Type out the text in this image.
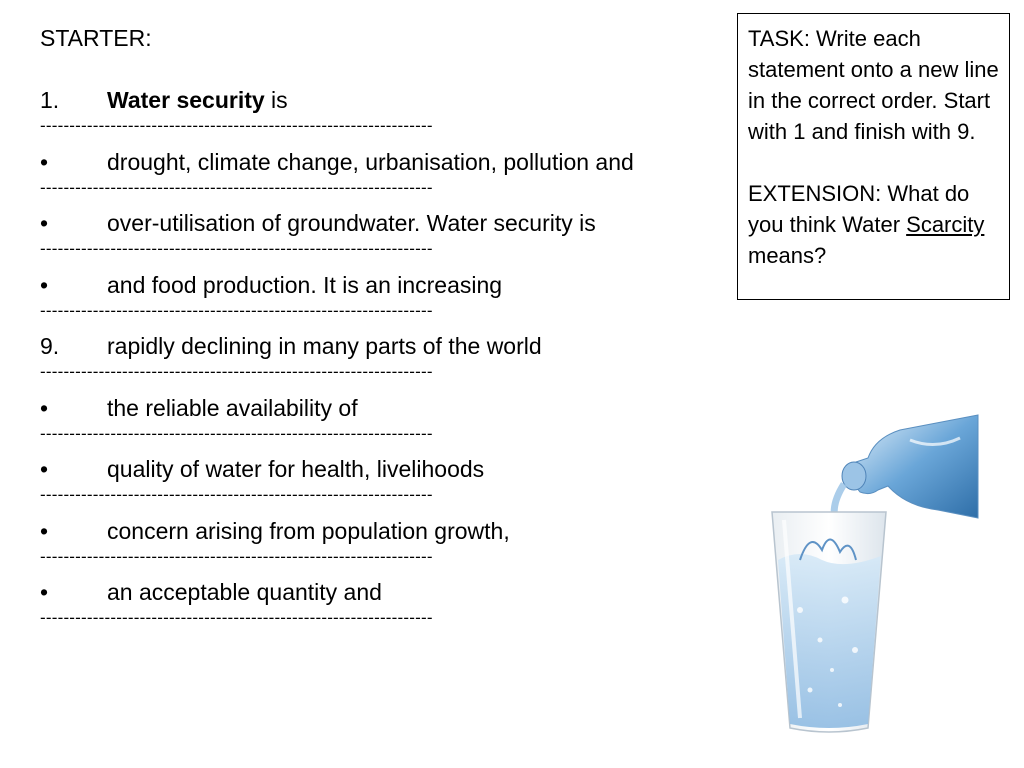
STARTER:
1.	Water security is
-------------------------------------------------------------------
•	drought, climate change, urbanisation, pollution and
-------------------------------------------------------------------
•	over-utilisation of groundwater. Water security is
-------------------------------------------------------------------
•	and food production. It is an increasing
-------------------------------------------------------------------
9.	rapidly declining in many parts of the world
-------------------------------------------------------------------
•	the reliable availability of
-------------------------------------------------------------------
•	quality of water for health, livelihoods
-------------------------------------------------------------------
•	concern arising from population growth,
-------------------------------------------------------------------
•	an acceptable quantity and
-------------------------------------------------------------------

TASK: Write each statement onto a new line in the correct order. Start with 1 and finish with 9.

EXTENSION: What do you think Water Scarcity means?
